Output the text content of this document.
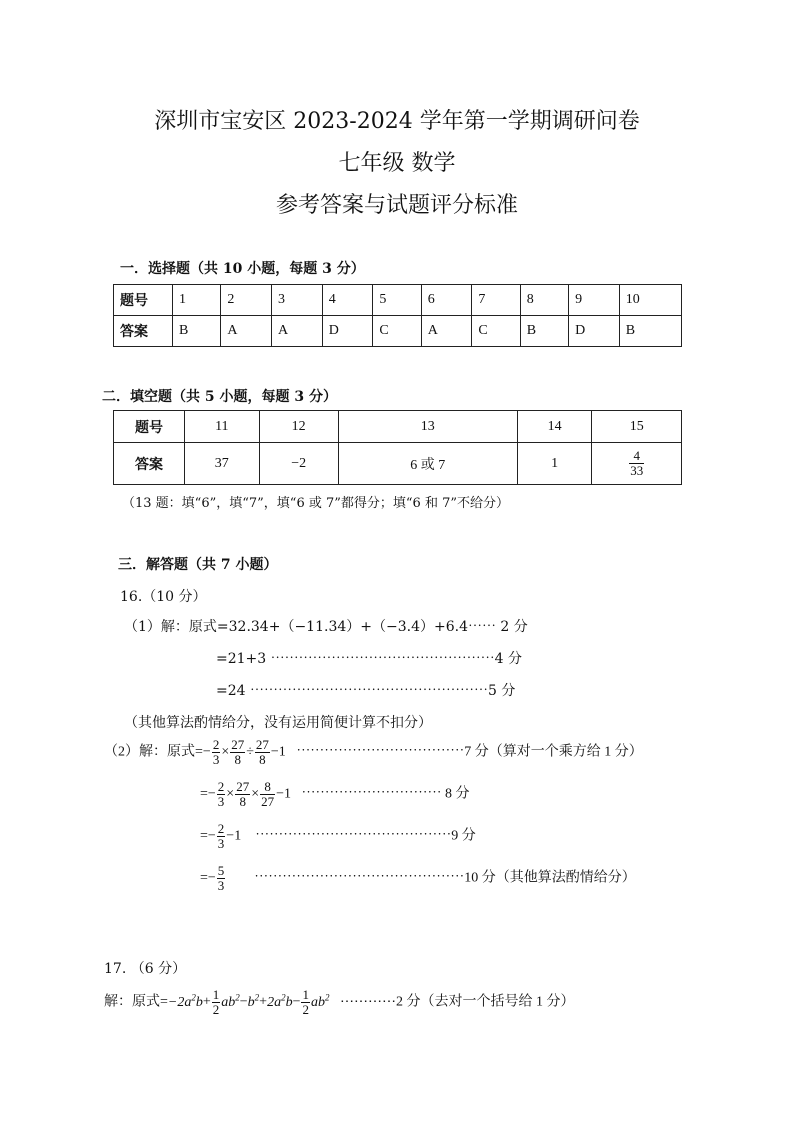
深圳市宝安区 2023-2024 学年第一学期调研问卷
七年级 数学
参考答案与试题评分标准
一．选择题（共 10 小题，每题 3 分）
题号	1	2	3	4	5	6	7	8	9	10
答案	B	A	A	D	C	A	C	B	D	B
二．填空题（共 5 小题，每题 3 分）
题号	11	12	13	14	15
答案	37	−2	6 或 7	1	$\frac{4}{33}$
（13 题：填“6”，填“7”，填“6 或 7”都得分；填“6 和 7”不给分）
三．解答题（共 7 小题）
16.（10 分）
（1）解：原式=32.34+（−11.34）+（−3.4）+6.4⋯⋯ 2 分
=21+3 ⋯⋯⋯⋯⋯⋯⋯⋯⋯⋯⋯⋯⋯⋯⋯⋯4 分
=24 ⋯⋯⋯⋯⋯⋯⋯⋯⋯⋯⋯⋯⋯⋯⋯⋯⋯5 分
（其他算法酌情给分，没有运用简便计算不扣分）
（2）解：原式=− $\frac{2}{3} \times \frac{27}{8} \div \frac{27}{8} -1$   ⋯⋯⋯⋯⋯⋯⋯⋯⋯⋯⋯⋯7 分（算对一个乘方给 1 分）
=− $\frac{2}{3} \times \frac{27}{8} \times \frac{8}{27} -1$   ⋯⋯⋯⋯⋯⋯⋯⋯⋯⋯ 8 分
=− $\frac{2}{3} -1$    ⋯⋯⋯⋯⋯⋯⋯⋯⋯⋯⋯⋯⋯⋯9 分
=− $\frac{5}{3}$ ⋯⋯⋯⋯⋯⋯⋯⋯⋯⋯⋯⋯⋯⋯⋯10 分（其他算法酌情给分）
17. （6 分）
解：原式$=-2a^2b+ \frac{1}{2} ab^2-b^2+2a^2b- \frac{1}{2} ab^2$ ⋯⋯⋯⋯2 分（去对一个括号给 1 分）
